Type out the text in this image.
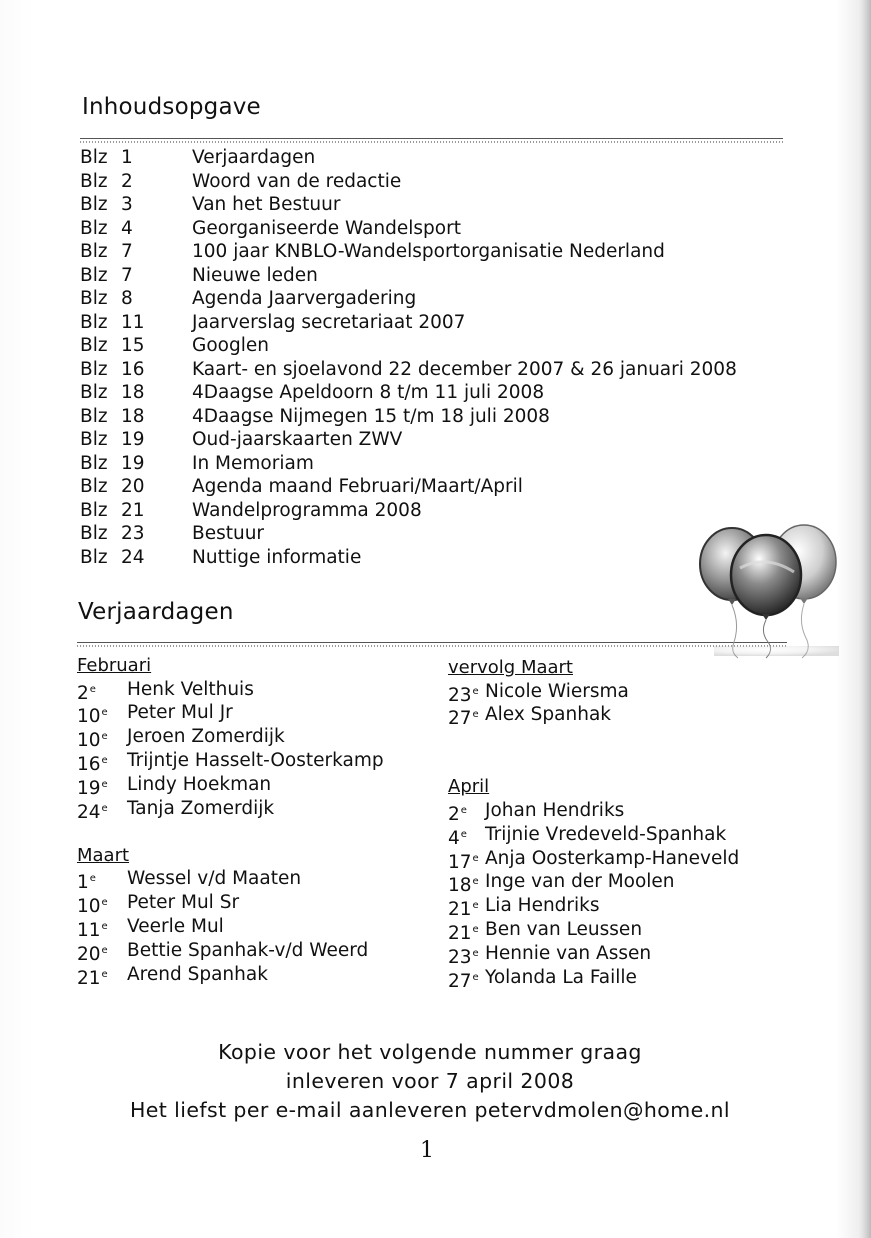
Inhoudsopgave
Blz 1	Verjaardagen
Blz 2	Woord van de redactie
Blz 3	Van het Bestuur
Blz 4	Georganiseerde Wandelsport
Blz 7	100 jaar KNBLO-Wandelsportorganisatie Nederland
Blz 7	Nieuwe leden
Blz 8	Agenda Jaarvergadering
Blz 11	Jaarverslag secretariaat 2007
Blz 15	Googlen
Blz 16	Kaart- en sjoelavond 22 december 2007 & 26 januari 2008
Blz 18	4Daagse Apeldoorn 8 t/m 11 juli 2008
Blz 18	4Daagse Nijmegen 15 t/m 18 juli 2008
Blz 19	Oud-jaarskaarten ZWV
Blz 19	In Memoriam
Blz 20	Agenda maand Februari/Maart/April
Blz 21	Wandelprogramma 2008
Blz 23	Bestuur
Blz 24	Nuttige informatie
Verjaardagen
Februari
2e Henk Velthuis
10e Peter Mul Jr
10e Jeroen Zomerdijk
16e Trijntje Hasselt-Oosterkamp
19e Lindy Hoekman
24e Tanja Zomerdijk
Maart
1e Wessel v/d Maaten
10e Peter Mul Sr
11e Veerle Mul
20e Bettie Spanhak-v/d Weerd
21e Arend Spanhak
vervolg Maart
23e Nicole Wiersma
27e Alex Spanhak
April
2e Johan Hendriks
4e Trijnie Vredeveld-Spanhak
17e Anja Oosterkamp-Haneveld
18e Inge van der Moolen
21e Lia Hendriks
21e Ben van Leussen
23e Hennie van Assen
27e Yolanda La Faille
Kopie voor het volgende nummer graag
inleveren voor 7 april 2008
Het liefst per e-mail aanleveren petervdmolen@home.nl
1
